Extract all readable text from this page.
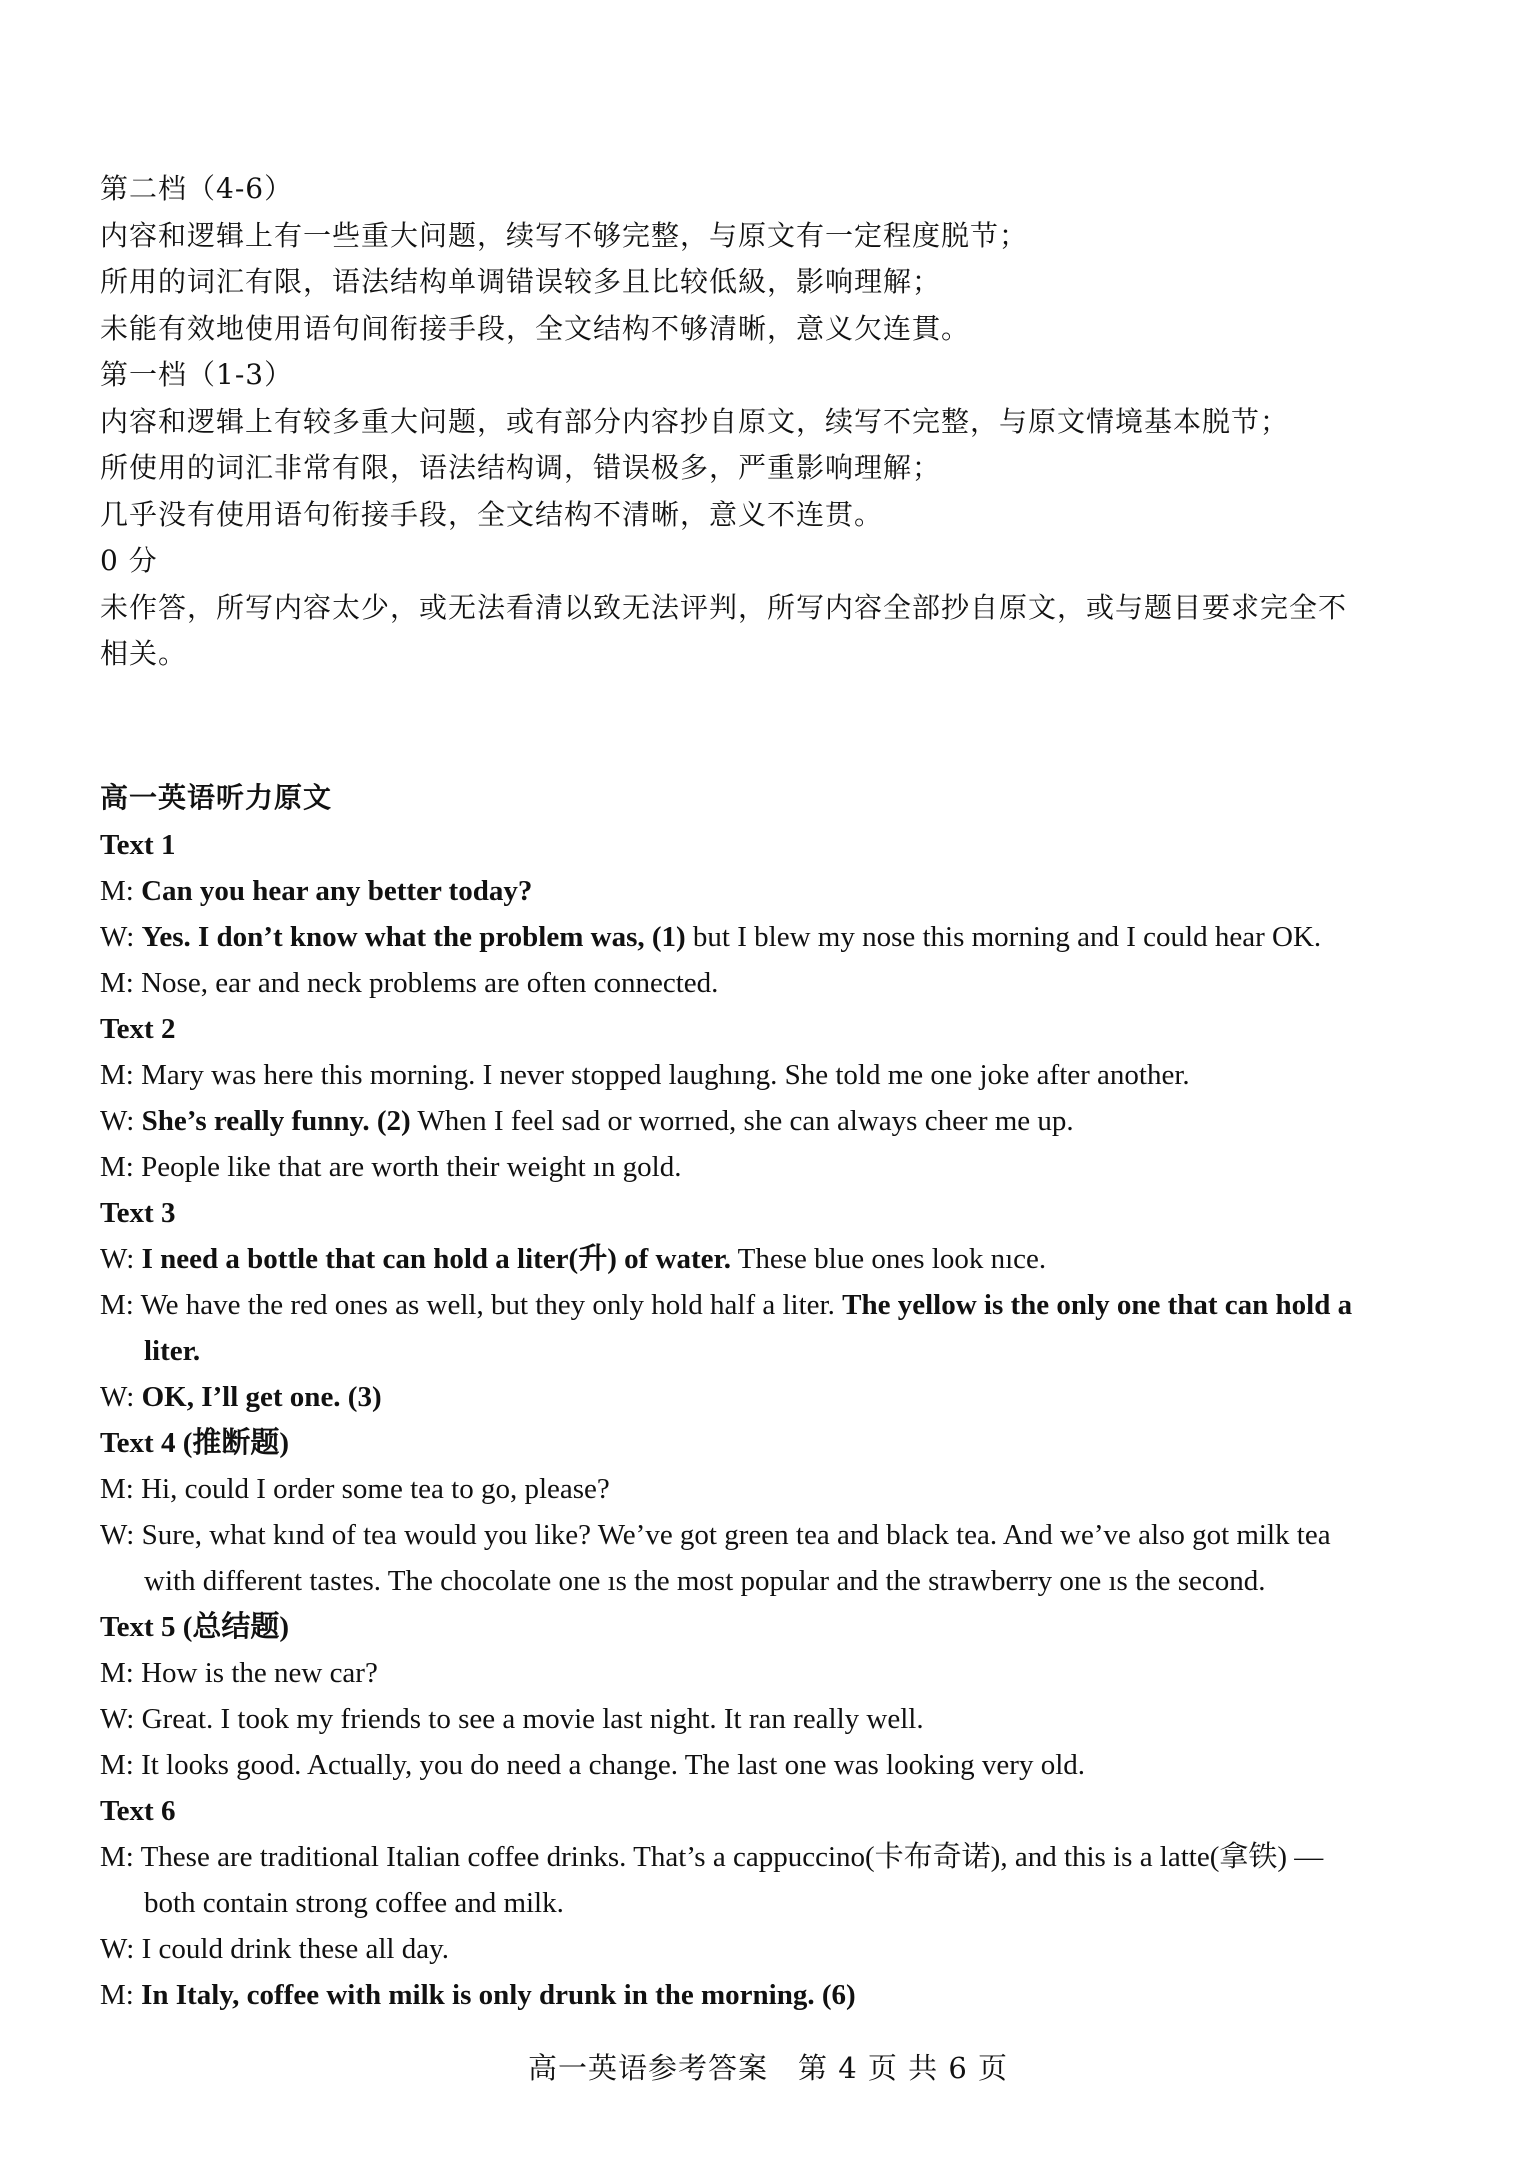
第二档（4-6）
内容和逻辑上有一些重大问题，续写不够完整，与原文有一定程度脱节；
所用的词汇有限，语法结构单调错误较多且比较低級，影响理解；
未能有效地使用语句间衔接手段，全文结构不够清晰，意义欠连貫。
第一档（1-3）
内容和逻辑上有较多重大问题，或有部分内容抄自原文，续写不完整，与原文情境基本脱节；
所使用的词汇非常有限，语法结构调，错误极多，严重影响理解；
几乎没有使用语句衔接手段，全文结构不清晰，意义不连贯。
0 分
未作答，所写内容太少，或无法看清以致无法评判，所写内容全部抄自原文，或与题目要求完全不
相关。
高一英语听力原文
Text 1
M: Can you hear any better today?
W: Yes. I don’t know what the problem was, (1) but I blew my nose this morning and I could hear OK.
M: Nose, ear and neck problems are often connected.
Text 2
M: Mary was here this morning. I never stopped laughıng. She told me one joke after another.
W: She’s really funny. (2) When I feel sad or worrıed, she can always cheer me up.
M: People like that are worth their weight ın gold.
Text 3
W: I need a bottle that can hold a liter(升) of water. These blue ones look nıce.
M: We have the red ones as well, but they only hold half a liter. The yellow is the only one that can hold a
liter.
W: OK, I’ll get one. (3)
Text 4 (推断题)
M: Hi, could I order some tea to go, please?
W: Sure, what kınd of tea would you like? We’ve got green tea and black tea. And we’ve also got milk tea
with different tastes. The chocolate one ıs the most popular and the strawberry one ıs the second.
Text 5 (总结题)
M: How is the new car?
W: Great. I took my friends to see a movie last night. It ran really well.
M: It looks good. Actually, you do need a change. The last one was looking very old.
Text 6
M: These are traditional Italian coffee drinks. That’s a cappuccino(卡布奇诺), and this is a latte(拿铁) —
both contain strong coffee and milk.
W: I could drink these all day.
M: In Italy, coffee with milk is only drunk in the morning. (6)
高一英语参考答案　第 4 页 共 6 页
